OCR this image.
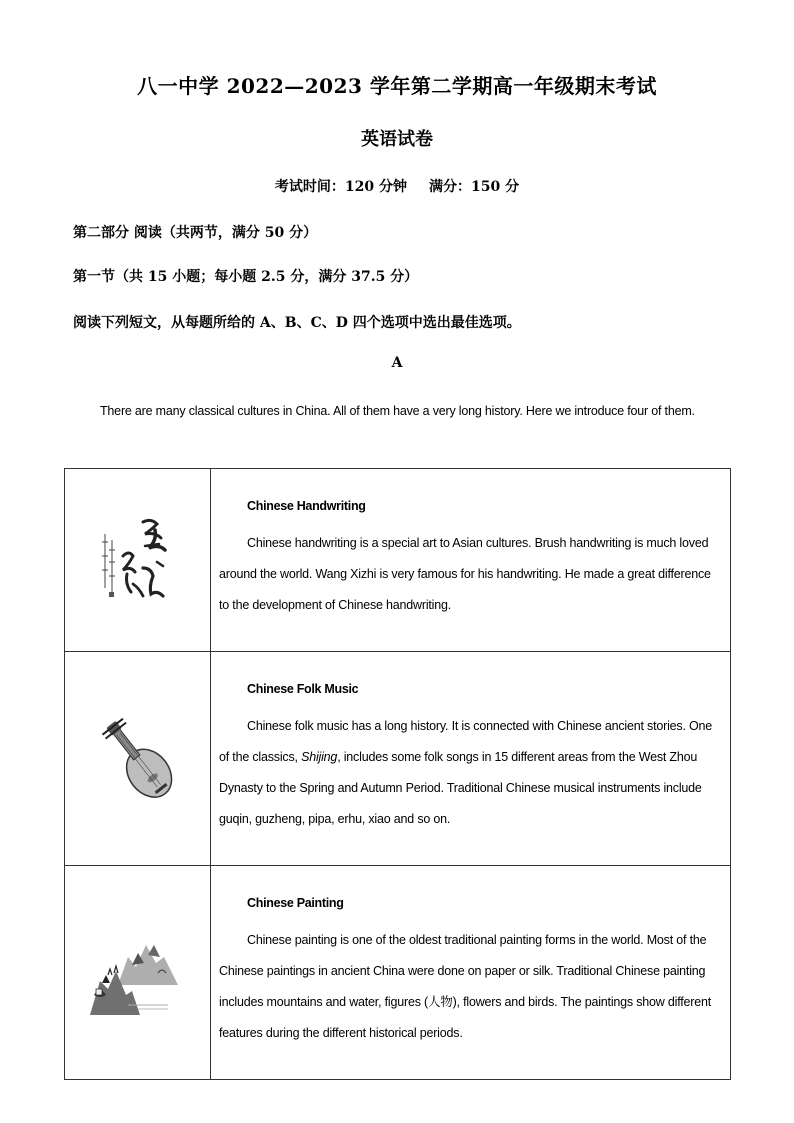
八一中学 2022—2023 学年第二学期高一年级期末考试
英语试卷
考试时间：120 分钟 满分：150 分
第二部分 阅读（共两节，满分 50 分）
第一节（共 15 小题；每小题 2.5 分，满分 37.5 分）
阅读下列短文，从每题所给的 A、B、C、D 四个选项中选出最佳选项。
A
There are many classical cultures in China. All of them have a very long history. Here we introduce four of them.

Chinese Handwriting
Chinese handwriting is a special art to Asian cultures. Brush handwriting is much loved around the world. Wang Xizhi is very famous for his handwriting. He made a great difference to the development of Chinese handwriting.

Chinese Folk Music
Chinese folk music has a long history. It is connected with Chinese ancient stories. One of the classics, Shijing, includes some folk songs in 15 different areas from the West Zhou Dynasty to the Spring and Autumn Period. Traditional Chinese musical instruments include guqin, guzheng, pipa, erhu, xiao and so on.

Chinese Painting
Chinese painting is one of the oldest traditional painting forms in the world. Most of the Chinese paintings in ancient China were done on paper or silk. Traditional Chinese painting includes mountains and water, figures (人物), flowers and birds. The paintings show different features during the different historical periods.
